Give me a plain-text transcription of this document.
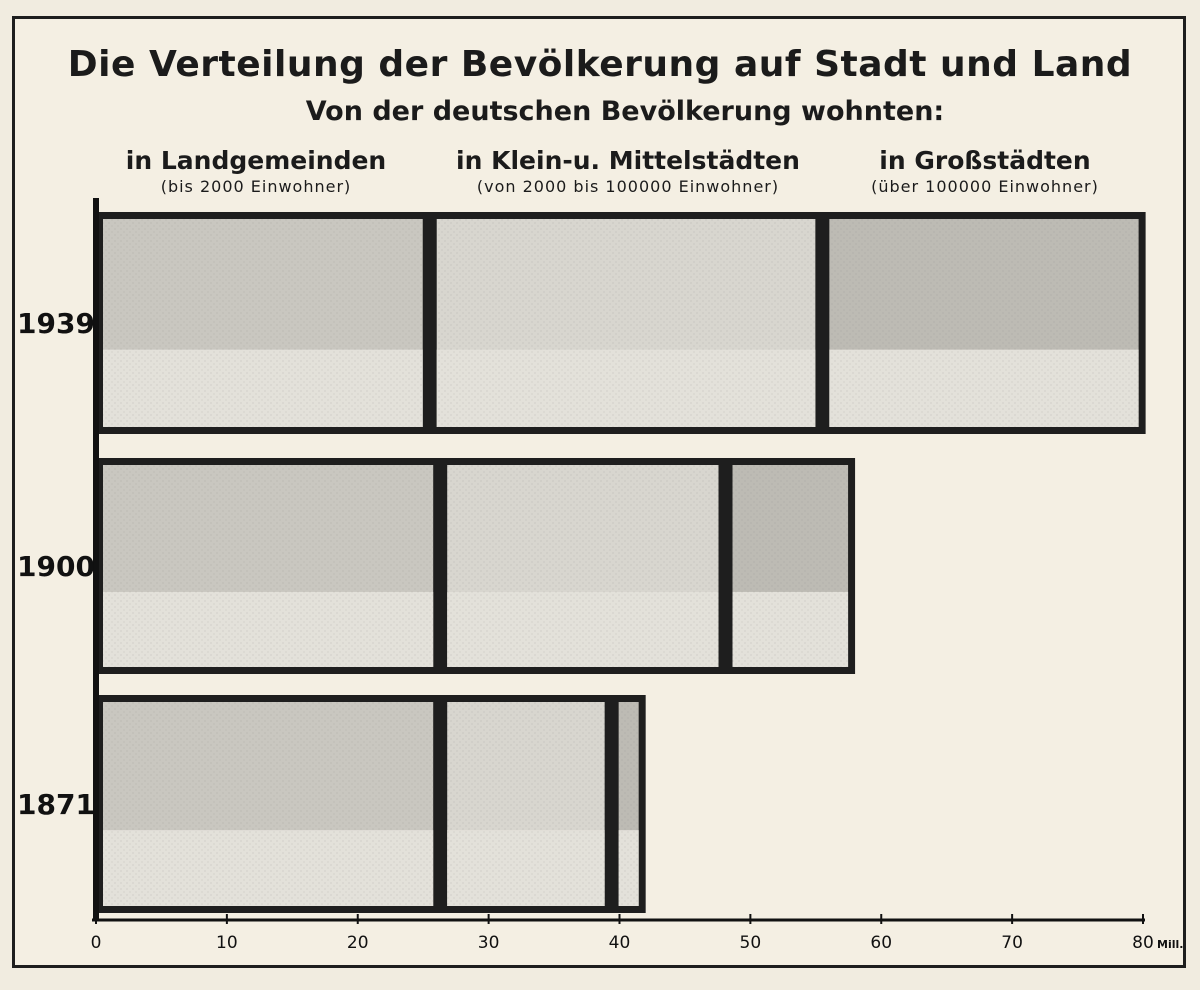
Die Verteilung der Bevölkerung auf Stadt und Land
Von der deutschen Bevölkerung wohnten:
in Landgemeinden
(bis 2000 Einwohner)
in Klein-u. Mittelstädten
(von 2000 bis 100000 Einwohner)
in Großstädten
(über 100000 Einwohner)
0	10	20	30	40	50	60	70	80 Mill.
1939
1900
1871
